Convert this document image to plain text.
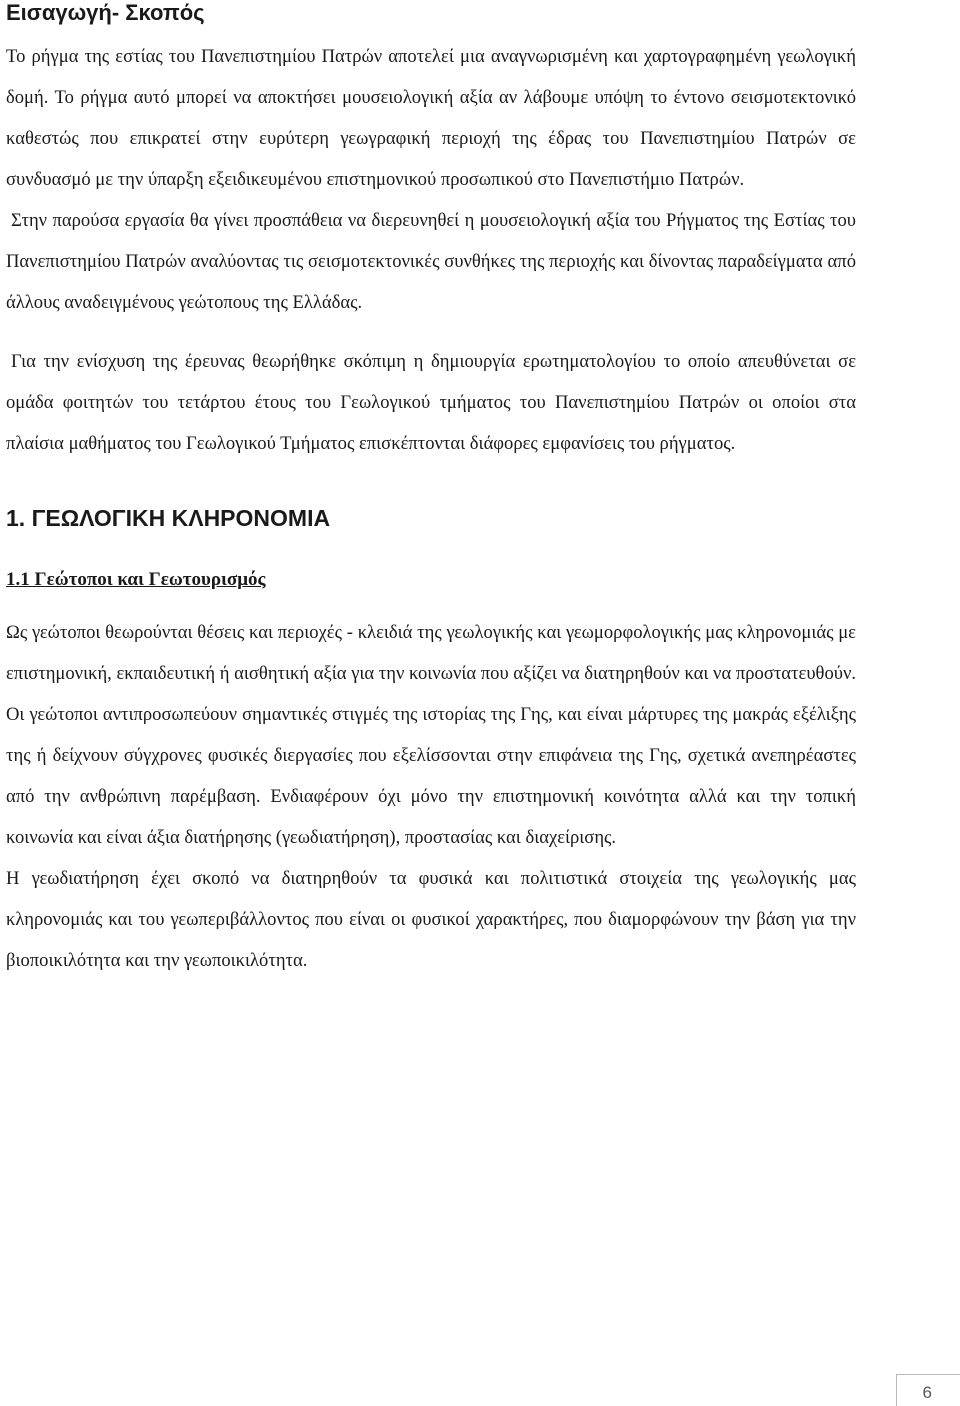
Εισαγωγή- Σκοπός

Το ρήγμα της εστίας του Πανεπιστημίου Πατρών αποτελεί μια αναγνωρισμένη και χαρτογραφημένη γεωλογική δομή. Το ρήγμα αυτό μπορεί να αποκτήσει μουσειολογική αξία αν λάβουμε υπόψη το έντονο σεισμοτεκτονικό καθεστώς που επικρατεί στην ευρύτερη γεωγραφική περιοχή της έδρας του Πανεπιστημίου Πατρών σε συνδυασμό με την ύπαρξη εξειδικευμένου επιστημονικού προσωπικού στο Πανεπιστήμιο Πατρών.

Στην παρούσα εργασία θα γίνει προσπάθεια να διερευνηθεί η μουσειολογική αξία του Ρήγματος της Εστίας του Πανεπιστημίου Πατρών αναλύοντας τις σεισμοτεκτονικές συνθήκες της περιοχής και δίνοντας παραδείγματα από άλλους αναδειγμένους γεώτοπους της Ελλάδας.

Για την ενίσχυση της έρευνας θεωρήθηκε σκόπιμη η δημιουργία ερωτηματολογίου το οποίο απευθύνεται σε ομάδα φοιτητών του τετάρτου έτους του Γεωλογικού τμήματος του Πανεπιστημίου Πατρών οι οποίοι στα πλαίσια μαθήματος του Γεωλογικού Τμήματος επισκέπτονται διάφορες εμφανίσεις του ρήγματος.

1. ΓΕΩΛΟΓΙΚΗ ΚΛΗΡΟΝΟΜΙΑ
1.1 Γεώτοποι και Γεωτουρισμός

Ως γεώτοποι θεωρούνται θέσεις και περιοχές - κλειδιά της γεωλογικής και γεωμορφολογικής μας κληρονομιάς με επιστημονική, εκπαιδευτική ή αισθητική αξία για την κοινωνία που αξίζει να διατηρηθούν και να προστατευθούν.

Οι γεώτοποι αντιπροσωπεύουν σημαντικές στιγμές της ιστορίας της Γης, και είναι μάρτυρες της μακράς εξέλιξης της ή δείχνουν σύγχρονες φυσικές διεργασίες που εξελίσσονται στην επιφάνεια της Γης, σχετικά ανεπηρέαστες από την ανθρώπινη παρέμβαση. Ενδιαφέρουν όχι μόνο την επιστημονική κοινότητα αλλά και την τοπική κοινωνία και είναι άξια διατήρησης (γεωδιατήρηση), προστασίας και διαχείρισης.

Η γεωδιατήρηση έχει σκοπό να διατηρηθούν τα φυσικά και πολιτιστικά στοιχεία της γεωλογικής μας κληρονομιάς και του γεωπεριβάλλοντος που είναι οι φυσικοί χαρακτήρες, που διαμορφώνουν την βάση για την βιοποικιλότητα και την γεωποικιλότητα.

6
